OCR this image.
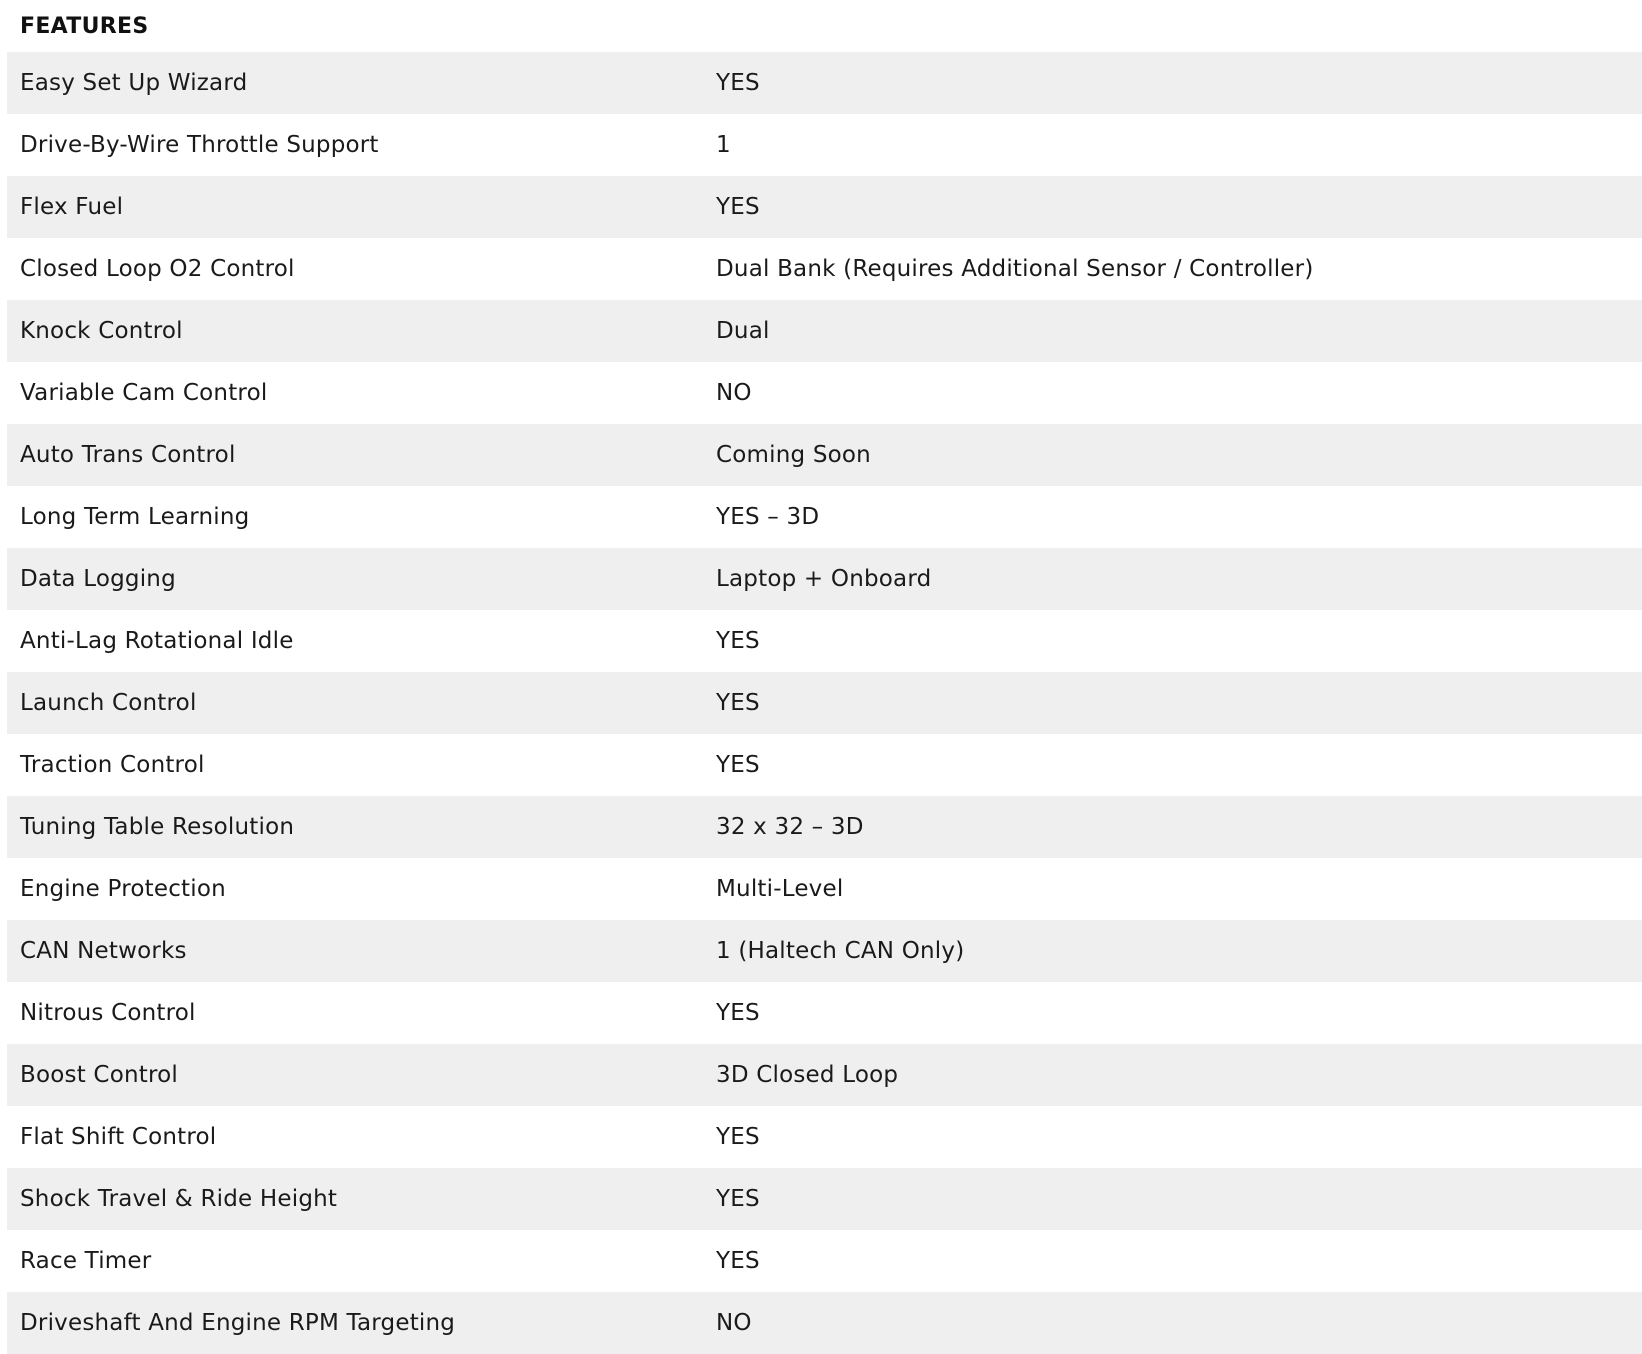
FEATURES
Easy Set Up Wizard	YES
Drive-By-Wire Throttle Support	1
Flex Fuel	YES
Closed Loop O2 Control	Dual Bank (Requires Additional Sensor / Controller)
Knock Control	Dual
Variable Cam Control	NO
Auto Trans Control	Coming Soon
Long Term Learning	YES – 3D
Data Logging	Laptop + Onboard
Anti-Lag Rotational Idle	YES
Launch Control	YES
Traction Control	YES
Tuning Table Resolution	32 x 32 – 3D
Engine Protection	Multi-Level
CAN Networks	1 (Haltech CAN Only)
Nitrous Control	YES
Boost Control	3D Closed Loop
Flat Shift Control	YES
Shock Travel & Ride Height	YES
Race Timer	YES
Driveshaft And Engine RPM Targeting	NO
